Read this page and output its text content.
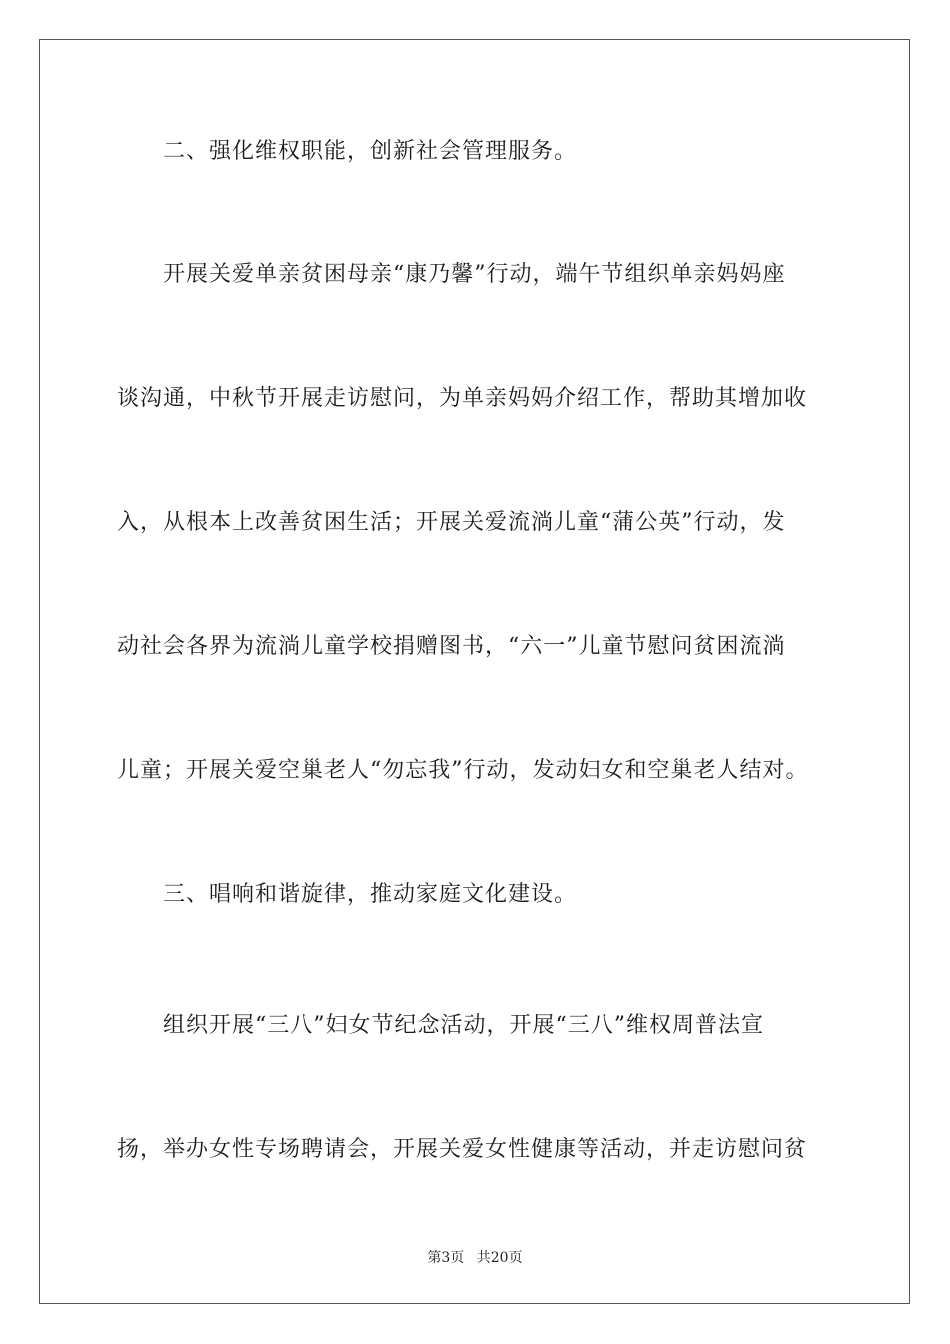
二、强化维权职能，创新社会管理服务。
开展关爱单亲贫困母亲“康乃馨”行动，端午节组织单亲妈妈座
谈沟通，中秋节开展走访慰问，为单亲妈妈介绍工作，帮助其增加收
入，从根本上改善贫困生活；开展关爱流淌儿童“蒲公英”行动，发
动社会各界为流淌儿童学校捐赠图书，“六一”儿童节慰问贫困流淌
儿童；开展关爱空巢老人“勿忘我”行动，发动妇女和空巢老人结对。
三、唱响和谐旋律，推动家庭文化建设。
组织开展“三八”妇女节纪念活动，开展“三八”维权周普法宣
扬，举办女性专场聘请会，开展关爱女性健康等活动，并走访慰问贫
第3页 共20页
